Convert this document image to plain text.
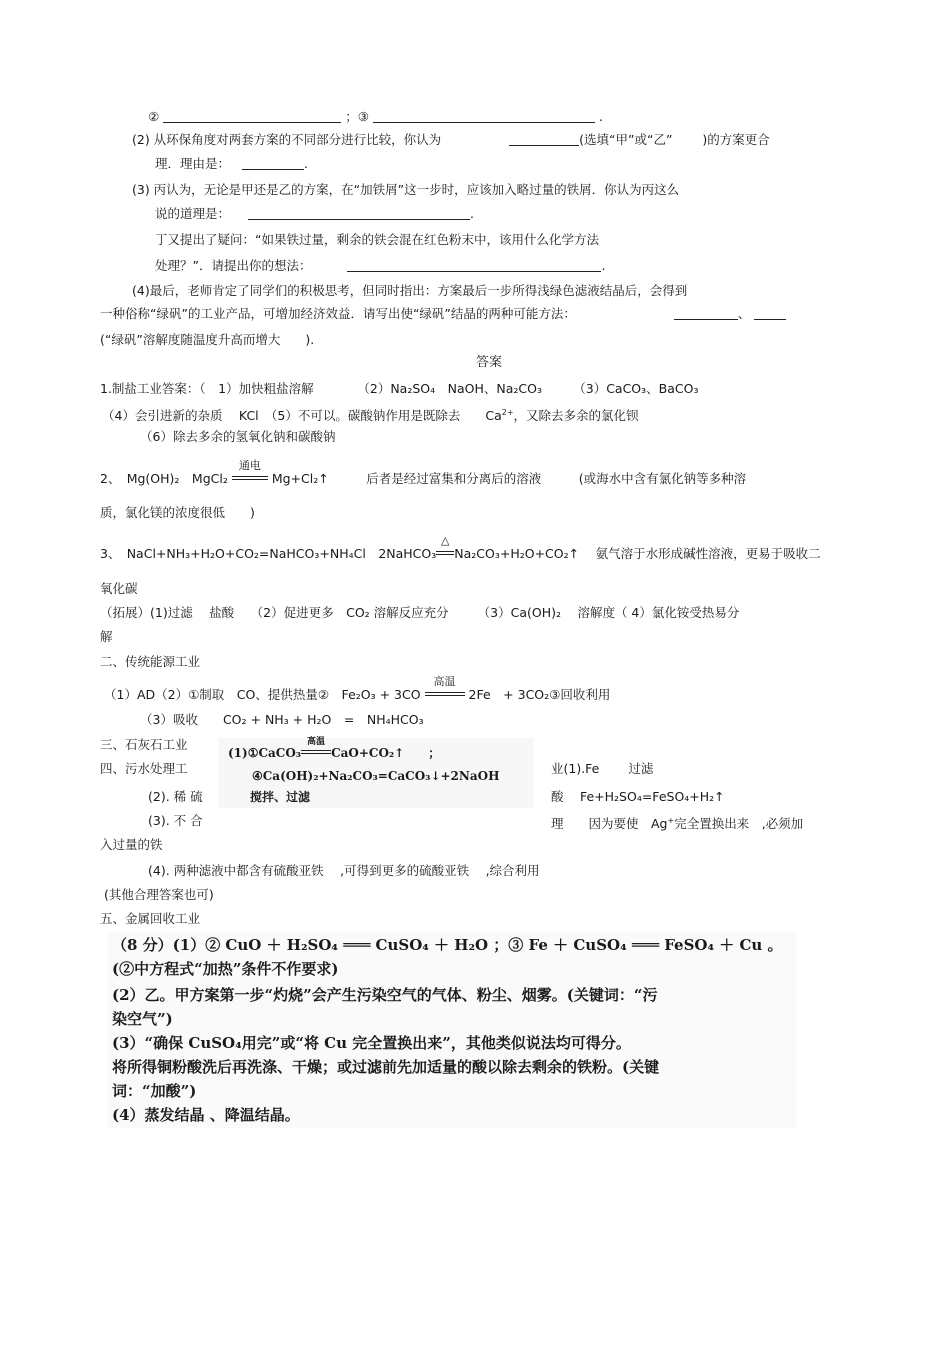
②	；③	.
(2) 从环保角度对两套方案的不同部分进行比较，你认为	(选填“甲”或“乙” )的方案更合
理．理由是：	.
(3) 丙认为，无论是甲还是乙的方案，在“加铁屑”这一步时，应该加入略过量的铁屑．你认为丙这么
说的道理是：	.
丁又提出了疑问：“如果铁过量，剩余的铁会混在红色粉末中，该用什么化学方法
处理？”．请提出你的想法：	.
(4)最后，老师肯定了同学们的积极思考，但同时指出：方案最后一步所得浅绿色滤液结晶后，会得到
一种俗称“绿矾”的工业产品，可增加经济效益．请写出使“绿矾”结晶的两种可能方法：	、
(“绿矾”溶解度随温度升高而增大　　).
答案
1.制盐工业答案：（　1）加快粗盐溶解　　　　（2）Na₂SO₄　NaOH、Na₂CO₃　　　（3）CaCO₃、BaCO₃
（4）会引进新的杂质　 KCl　（5）不可以。碳酸钠作用是既除去　　$Ca^{2+}$，又除去多余的氯化钡
（6）除去多余的氢氧化钠和碳酸钠
2、　Mg(OH)₂　MgCl₂
通电
Mg+Cl₂↑　　　后者是经过富集和分离后的溶液　　　(或海水中含有氯化钠等多种溶
质，氯化镁的浓度很低　　)
3、　NaCl+NH₃+H₂O+CO₂=NaHCO₃+NH₄Cl　2NaHCO₃
△
Na₂CO₃+H₂O+CO₂↑　 氨气溶于水形成碱性溶液，更易于吸收二
氧化碳
（拓展）(1)过滤　 盐酸　 （2）促进更多　CO₂ 溶解反应充分　　 （3）Ca(OH)₂　 溶解度（ 4）氯化铵受热易分
解
二、传统能源工业
（1）AD（2）①制取　CO、提供热量②　Fe₂O₃ + 3CO
高温
2Fe　+ 3CO₂③回收利用
（3）吸收　　CO₂ + NH₃ + H₂O　=　NH₄HCO₃
三、石灰石工业
四、污水处理工
(1)①CaCO₃
高温
CaO+CO₂↑　　；
④Ca(OH)₂+Na₂CO₃=CaCO₃↓+2NaOH
搅拌、过滤
业(1).Fe　　 过滤
(2). 稀 硫	酸　 Fe+H₂SO₄=FeSO₄+H₂↑
(3). 不 合	理　　因为要使　Ag+完全置换出来　,必须加
入过量的铁
(4). 两种滤液中都含有硫酸亚铁　 ,可得到更多的硫酸亚铁　 ,综合利用
(其他合理答案也可)
五、金属回收工业
（8 分）(1）② CuO ＋ H₂SO₄ ═══ CuSO₄ ＋ H₂O ；③ Fe ＋ CuSO₄ ═══ FeSO₄ ＋ Cu 。
(②中方程式“加热”条件不作要求)
(2）乙。甲方案第一步“灼烧”会产生污染空气的气体、粉尘、烟雾。(关键词：“污
染空气”)
(3）“确保 CuSO₄用完”或“将 Cu 完全置换出来”，其他类似说法均可得分。
将所得铜粉酸洗后再洗涤、干燥；或过滤前先加适量的酸以除去剩余的铁粉。(关键
词：“加酸”)
(4）蒸发结晶 、降温结晶。
